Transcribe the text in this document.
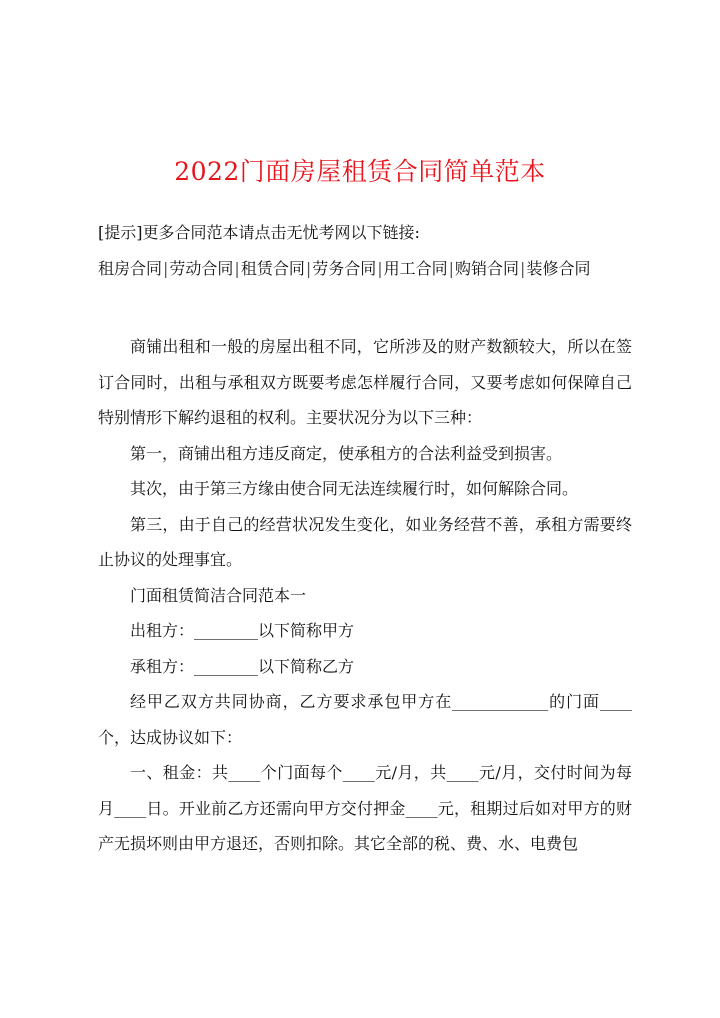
2022门面房屋租赁合同简单范本
[提示]更多合同范本请点击无忧考网以下链接:
租房合同|劳动合同|租赁合同|劳务合同|用工合同|购销合同|装修合同

商铺出租和一般的房屋出租不同，它所涉及的财产数额较大，所以在签订合同时，出租与承租双方既要考虑怎样履行合同，又要考虑如何保障自己特别情形下解约退租的权利。主要状况分为以下三种：

第一，商铺出租方违反商定，使承租方的合法利益受到损害。

其次，由于第三方缘由使合同无法连续履行时，如何解除合同。

第三，由于自己的经营状况发生变化，如业务经营不善，承租方需要终止协议的处理事宜。

门面租赁简洁合同范本一

出租方：________以下简称甲方

承租方：________以下简称乙方

经甲乙双方共同协商，乙方要求承包甲方在____________的门面____个，达成协议如下：

一、租金：共____个门面每个____元/月，共____元/月，交付时间为每月____日。开业前乙方还需向甲方交付押金____元，租期过后如对甲方的财产无损坏则由甲方退还，否则扣除。其它全部的税、费、水、电费包
